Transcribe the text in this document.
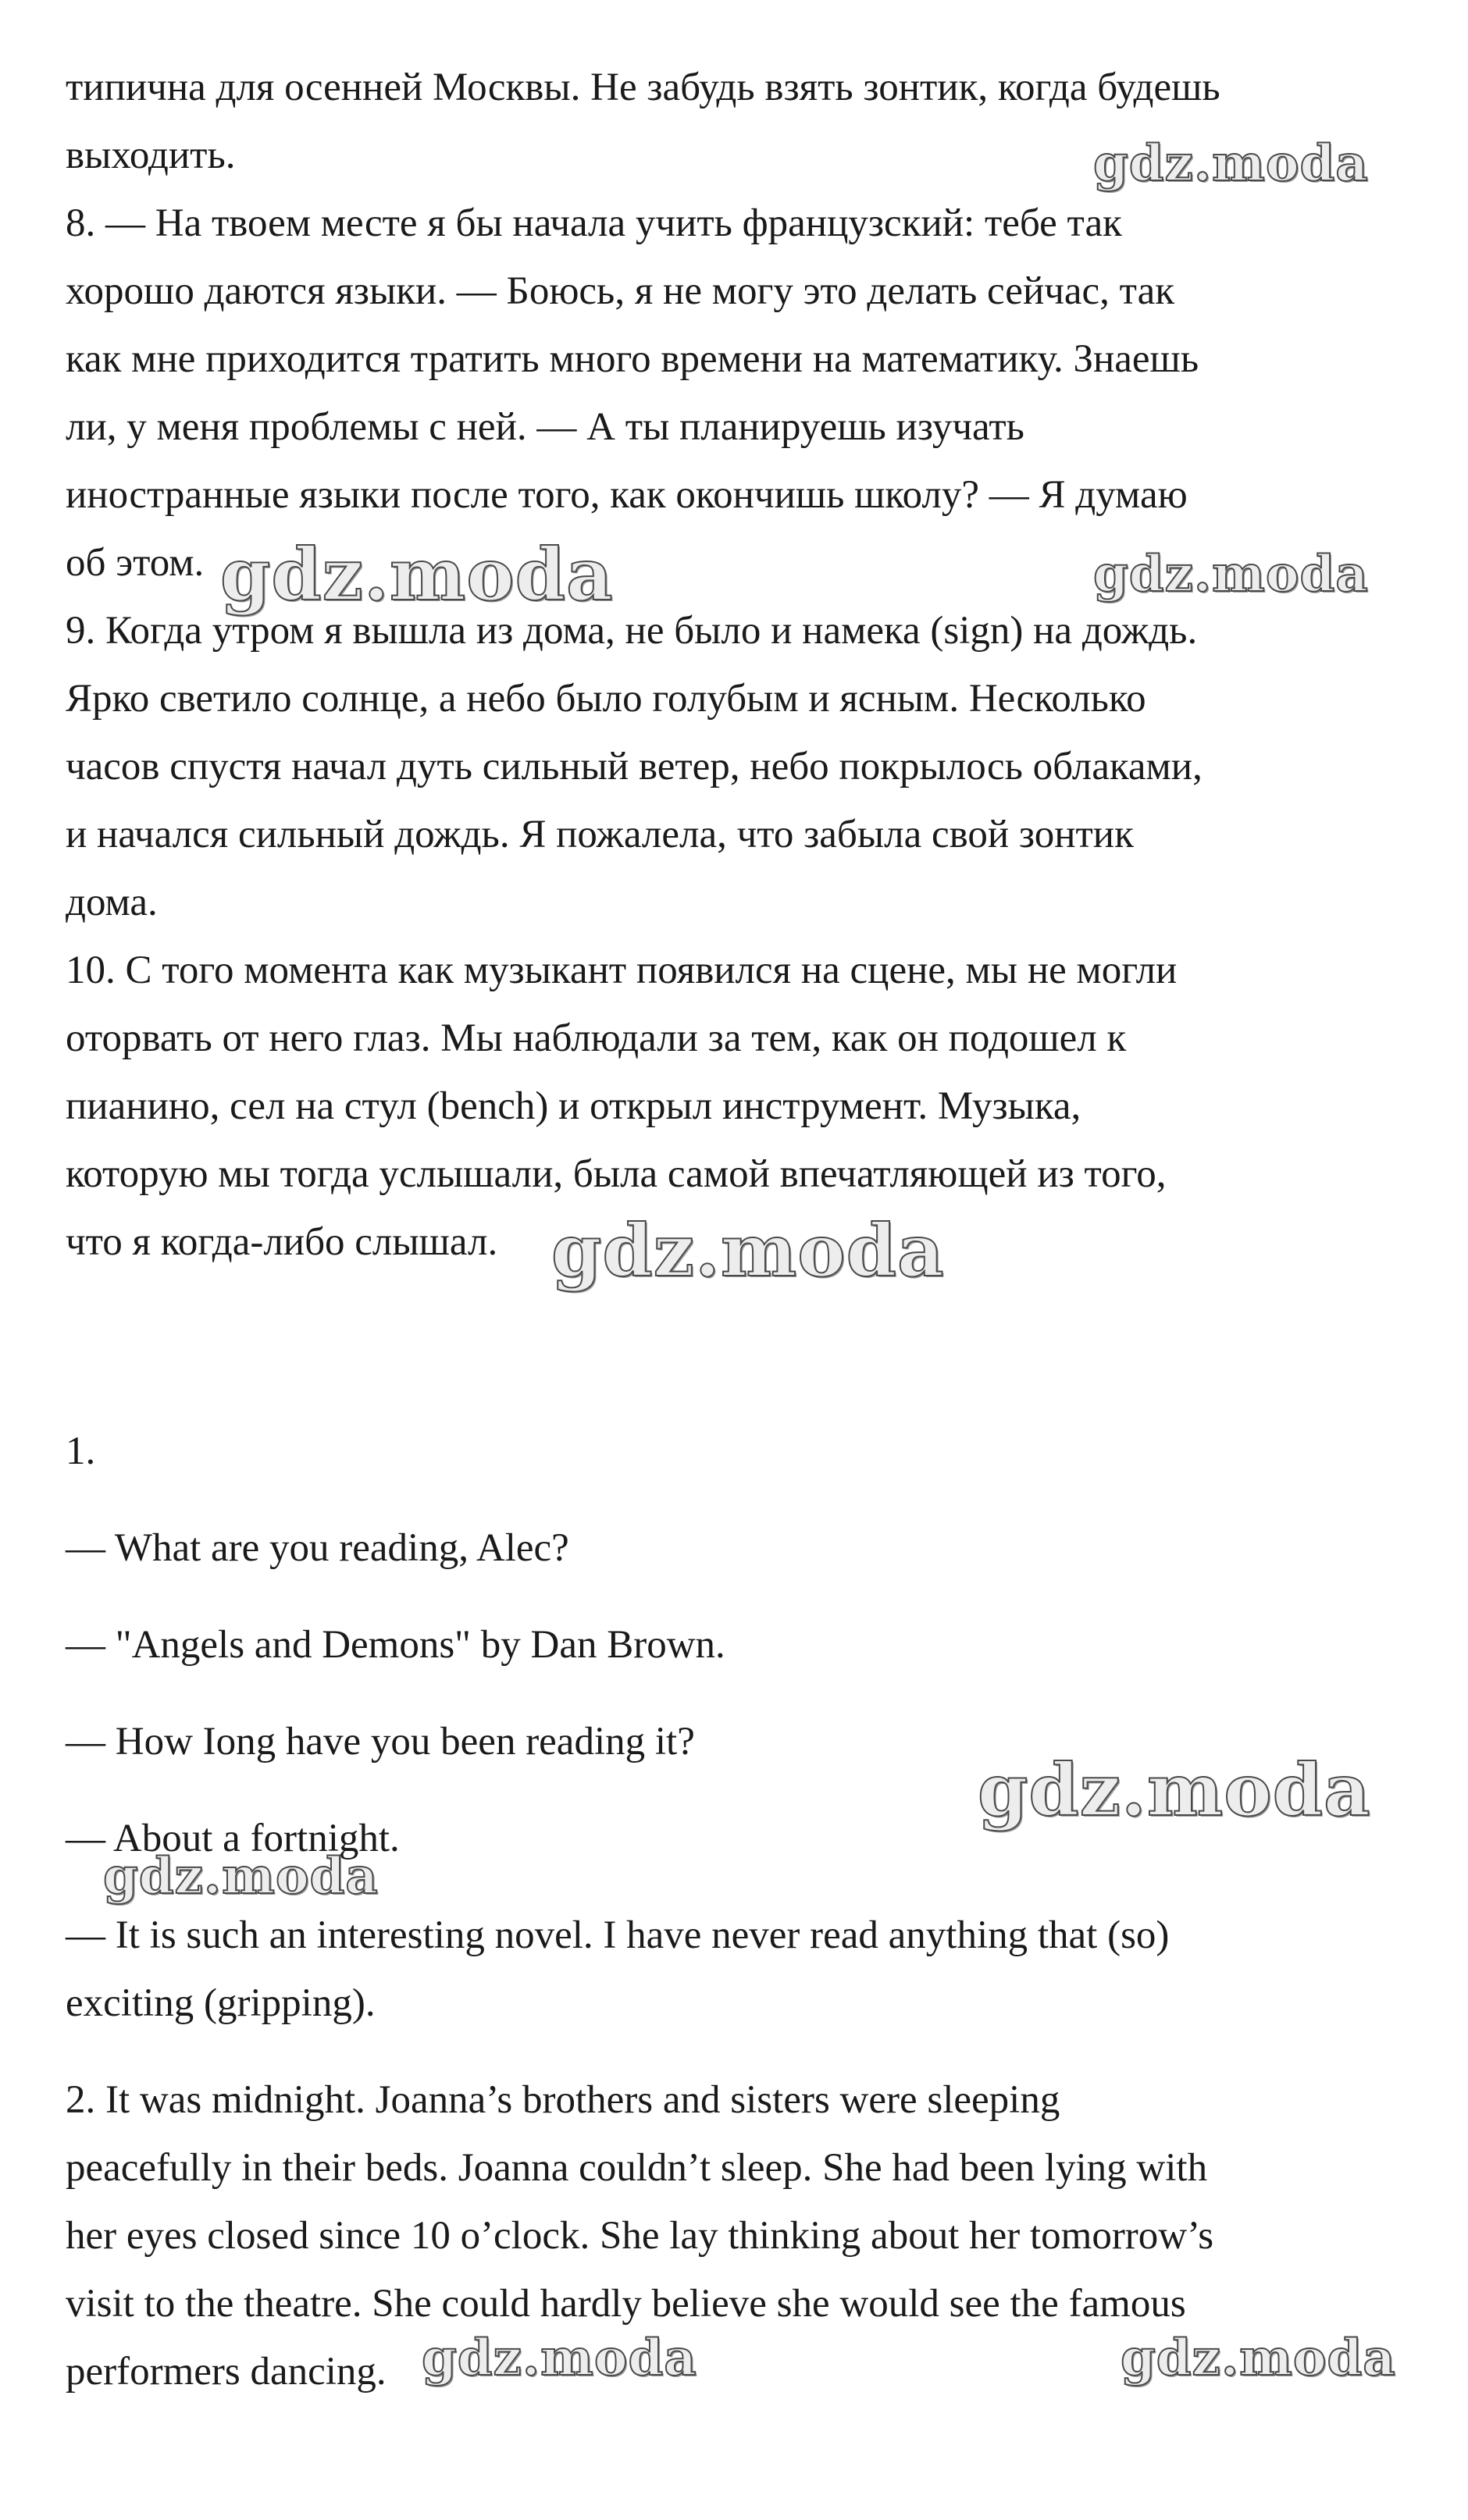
типична для осенней Москвы. Не забудь взять зонтик, когда будешь

выходить.

8. — На твоем месте я бы начала учить французский: тебе так

хорошо даются языки. — Боюсь, я не могу это делать сейчас, так

как мне приходится тратить много времени на математику. Знаешь

ли, у меня проблемы с ней. — А ты планируешь изучать

иностранные языки после того, как окончишь школу? — Я думаю

об этом.

9. Когда утром я вышла из дома, не было и намека (sign) на дождь.

Ярко светило солнце, а небо было голубым и ясным. Несколько

часов спустя начал дуть сильный ветер, небо покрылось облаками,

и начался сильный дождь. Я пожалела, что забыла свой зонтик

дома.

10. С того момента как музыкант появился на сцене, мы не могли

оторвать от него глаз. Мы наблюдали за тем, как он подошел к

пианино, сел на стул (bench) и открыл инструмент. Музыка,

которую мы тогда услышали, была самой впечатляющей из того,

что я когда-либо слышал.

1.

— What are you reading, Alec?

— "Angels and Demons" by Dan Brown.

— How Iong have you been reading it?

— About a fortnight.

— It is such an interesting novel. I have never read anything that (so)

exciting (gripping).

2. It was midnight. Joanna’s brothers and sisters were sleeping

peacefully in their beds. Joanna couldn’t sleep. She had been lying with

her eyes closed since 10 o’clock. She lay thinking about her tomorrow’s

visit to the theatre. She could hardly believe she would see the famous

performers dancing.

gdz.moda
gdz.moda	gdz.moda
gdz.moda
gdz.moda
gdz.moda
gdz.moda	gdz.moda
